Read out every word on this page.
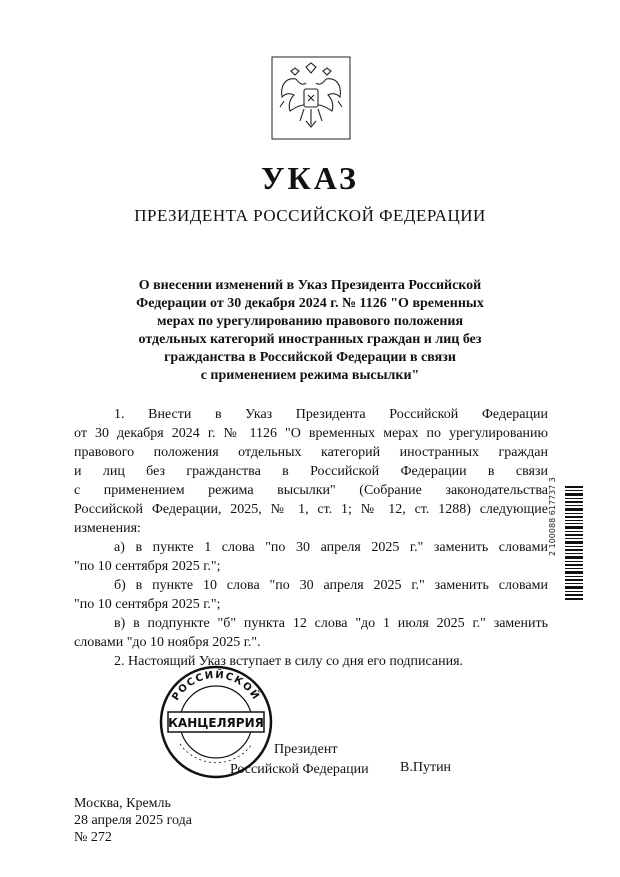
УКАЗ
ПРЕЗИДЕНТА РОССИЙСКОЙ ФЕДЕРАЦИИ
О внесении изменений в Указ Президента Российской
Федерации от 30 декабря 2024 г. № 1126 "О временных
мерах по урегулированию правового положения
отдельных категорий иностранных граждан и лиц без
гражданства в Российской Федерации в связи
с применением режима высылки"
1. Внести в Указ Президента Российской Федерации
от 30 декабря 2024 г. № 1126 "О временных мерах по урегулированию
правового положения отдельных категорий иностранных граждан
и лиц без гражданства в Российской Федерации в связи
с применением режима высылки" (Собрание законодательства
Российской Федерации, 2025, № 1, ст. 1; № 12, ст. 1288) следующие
изменения:
а) в пункте 1 слова "по 30 апреля 2025 г." заменить словами
"по 10 сентября 2025 г.";
б) в пункте 10 слова "по 30 апреля 2025 г." заменить словами
"по 10 сентября 2025 г.";
в) в подпункте "б" пункта 12 слова "до 1 июля 2025 г." заменить
словами "до 10 ноября 2025 г.".
2. Настоящий Указ вступает в силу со дня его подписания.
Президент
Российской Федерации В.Путин
РОССИЙСКОЙ
КАНЦЕЛЯРИЯ
Москва, Кремль
28 апреля 2025 года
№ 272
2 100088 617737 3
